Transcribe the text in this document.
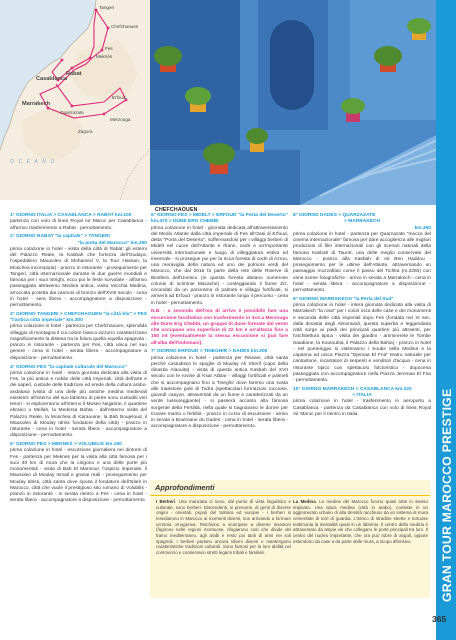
Tangeri
Chefchaouen
Fes
Meknès
Casablanca
Rabat
Marrakech
Merzouga
Ouarzazate
Erfoud
Zagora
O C E A N O
CHEFCHAOUEN
1° GIORNO ITALIA > CASABLANCA > RABAT km.100
partenza con volo di linea Royal Air Maroc per Casablanca - all'arrivo trasferimento a Rabat - pernottamento.
2° GIORNO RABAT "la capitale" > TANGERI
"la porta del Marocco" km.250
prima colazione in hotel - visita della città di Rabat: gli esterni del Palazzo Reale, la Kasbah che fortezza dell'Oudaya, l'ospedaliero Mausoleo di Mohamed V, la Tour Hassan, la Moschea incompiuta) - pranzo in ristorante - proseguimento per Tangeri, città internazionale durante le due guerre mondiali e famosa per i suoi intrighi, ecco poi le feste sorvolate - all'arrivo passeggiata attraverso Medina antica, visita Vecchia Medina, arroccata protetta dai cannoni di bronzo dell'XVIII secolo - cena in hotel - sera libera - accompagnatore a disposizione - pernottamento.
3° GIORNO TANGERI > CHEFCHAOUEN "la città blu" > FES "l'antica città imperiale" km.300
prima colazione in hotel - partenza per Chefchaouen, splendida villaggio di montagna il cui colore bianco-azzurro caratterizzano magnificamente la distesa tra la fulura quella equella spagnola - pranzo in ristorante - partenza per Fes, città unica nel suo genere - cena in hotel - serata libera - accompagnatore a disposizione - pernottamento.
4° GIORNO FES "la capitale culturale del Marocco"
prima colazione in hotel - intera giornata dedicata alla visita di Fes, la più antica e nobile delle città imperiali, città dell'arte e dei saperi, custode delle tradizioni ed erede della cultura arabo-andalusa (visita di una delle più antiche medina medievali esistenti: all'interno del suo labirinto di pietre sono custoditi veri tesori - si esploreranno all'interno il Museo Nejjarine, il quartiere ebraico o Mellah, la Medersa Bahta - dall'esterno visita del Palazzo Reale, la Moschea di Karaouine, la Bab Boujeloud, il Mausoleo di Moulay Idriss fondatore della città) - pranzo in ristorante - cena in hotel - serata libera - accompagnatore a disposizione - pernottamento.
5° GIORNO FES > MEKNES > VOLUBILIS km.160
prima colazione in hotel - escursione giornaliera nei dintorni di Fes - partenza per Meknes per la visita alla città famosa per i suoi 40 km di mura che la cingono e una delle porte più monumentali - visita di Bab El Mansour, l'ospizio imperiale, il Mausoleo di Moulay Ismail e granai reali - proseguimento per Moulay Idriss, città santa dove riposa il fondatore dell'Islam in Marocco, città che vuole il prestigioso sito romano di Volubilis - pranzo in ristorante - in serata rientro a Fes - cena in hotel - serata libera - accompagnatore a disposizione - pernottamento.
6° GIORNO FES > MIDELT > ERFOUD "la Porta del Deserto" km.470 > DUNE ERG CHEBBI
prima colazione in hotel - giornata dedicata all'attraversamento del Medio Atlante dalla città imperiale di Fes all'Oasi di Erfoud, detta "Porta del Deserto", soffermandosi per i villaggi berberi di Midelt nel cuore dell'Atlante e Ifrane, cedri e un'importante università internazionale e luogo di villeggiatura estiva ed invernale - si prosegue poi per la ricca foresta di cedri di Azrou, una meraviglia della natura ed uno dei polmoni verdi del Marocco, che dal 2016 fa parte della rete delle Riserve di Biosfera dell'Unesco (in questa foresta abitano numerose colonie di scimmie Macache) - costeggiando il fiume Ziz, circondati da un panorama di palmeti e villaggi fortificati, si arriverà ad Erfoud - pranzo in ristorante lungo il percorso - cena in hotel - pernottamento.
N.B. - a seconda dell'ora di arrivo è possibile fare una escursione facoltativa con trasferimento in 4x4 a Merzouga alle Dune Erg Chebbi, un gruppo di dune formate dal vento che occupano una superficie di 22 km e un'altezza fino a 150 mt (eventualmente la stessa escursione si può fare all'alba dell'indomani).
7° GIORNO ERFOUD > TINEGHIR > DADES km.200
prima colazione in hotel - partenza per Rissani, città santa perché custodisce le spoglie di Moulay Ali Sherif (capo della dinastia Alaouita) - visita di questa antica Kasbah del XVII secolo con le rovine di Ksar Abbar - villaggi fortificati e palmeti che si accompagnano fino a Tineghir dove faremo una sosta alle maestose gole di Todra (spettacolari formazioni rocciose, giovedì canyon, attraversati da un fiume e caratterizzati da un verde lussureggiante) - si passerà accanto alla famosa sorgente della Fertilità, nella quale si bagnavano le donne per trovare marito o fertilità - pranzo in corso di escursione - arrivo in serata a Boulmane du Dades - cena in hotel - serata libera - accompagnatore a disposizione - pernottamento.
8° GIORNO DADES > QUARZAZATE
> MARRAKECH
km.350
prima colazione in hotel - partenza per Quarzazate "mecca del cinema internazionale" famosa per dare accoglienza alle migliori produzioni di film internazionali con gli scenari naturali della famosa Kasbah di Taurirt, una delle meglio conservate del Marocco - pranzo alla Kasbah di Ait Ben Haddou - proseguimento per le ultime dell'Atlante, attraversando un paesaggio mozzafiato come il passo del Tichka (m.2260) con vane scene fotografiche - arrivo in serata a Marrakech - cena in hotel - serata libera - accompagnatore a disposizione - pernottamento.
9° GIORNO MARRAKECH "la Perla del Sud"
prima colazione in hotel - intera giornata dedicata alla visita di Marrakech "la rosa" per i colori ocra delle case e dei monumenti e seconda delle città imperiali dopo Fes (fondata nel XI sec. dalla dinastia degli Almoravidi, questa superba e leggendaria città sorge ai piedi dei principali quartieri più attraenti, per l'architettura tipica - visita dei giardini - ammirerete le Tombe Saadiane, la Koutoubia, il Palazzo della Bahia) - pranzo in hotel - nel pomeriggio si visiteranno i Souks nella Medina e la capanna ed unica Piazza "Djemaa El Fna" teatro naturale per cantastorie, incantatori di serpenti e venditori d'acqua - cena in ristorante tipico con spettacolo folcloristico - dopocena passeggiata con accompagnatore nella Piazza Jemmaa El Fna - pernottamento.
10° GIORNO MARRAKECH > CASABLANCA km.220
> ITALIA
prima colazione in hotel - trasferimento in aeroporto a Casablanca - partenza da Casablanca con volo di linea Royal Air Maroc per il rientro in Italia.
Approfondimenti
I Berberi. Una manciata ci sono, dal punto di vista linguistico e culturale, sono berberi. Discendenti, si presume, di genti di diverse origini - orientali, popoli del Sahara ed europei - i berberi si insediarono in Marocco ai momenti diversi, non arrivando a formare un'etnia omogenea. Rischiono a scampare a diverse invasioni (fugirono nelle regioni montuose, rifugiarono così che divide del tramo mediterraneo, agli arabi e resto poi tanti di armi nei soli spagnoli. I berberi parlano ancora idiomi diversi e mantengono caratteristiche tradizioni culturali. Sono famosi per la loro abilità nel commercio e conservano stretti legami tribali e familiari.
La Medina. Le medine del Marocco furono quasi tutte lo stesso impianto. Una tipica medina (città in arabo), consiste in un agglomerato urbano di alta densità racchiuso da un sistema di mura cementate di torri di guardia. L'intrico di stradine strette e tortuose testimonia la mentalità quasi in un labirinto. Il centro della medina è attraversato da ampie vie che collegano le porte principali tra loro. Il centro del nucleo importante, che ora può rubre di angoli, oppure estendono da case a da parte delle mura, a scopo difensivo.	GRAN TOUR MAROCCO PRESTIGE
365
